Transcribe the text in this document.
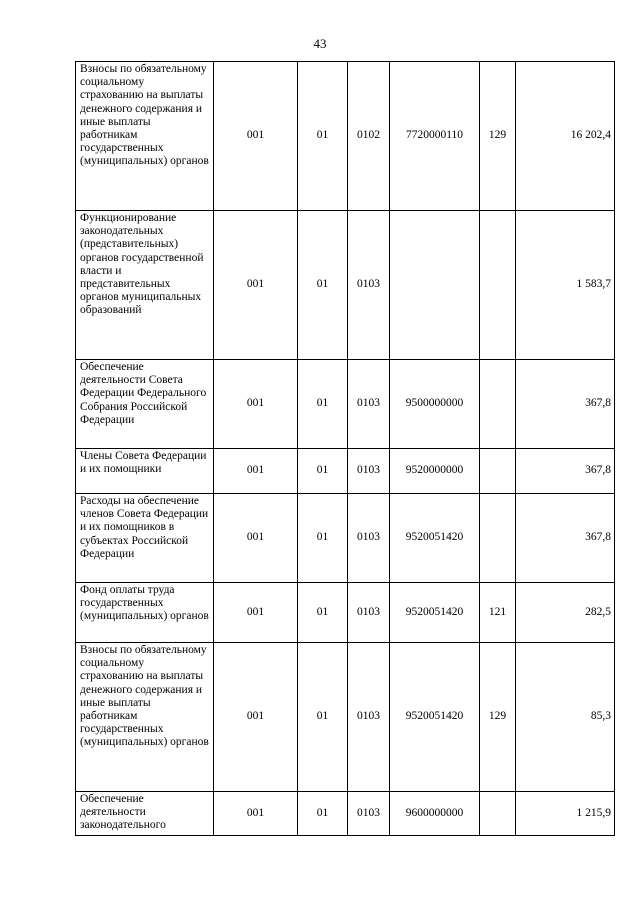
43
Взносы по обязательному социальному страхованию на выплаты денежного содержания и иные выплаты работникам государственных (муниципальных) органов	001	01	0102	7720000110	129	16 202,4
Функционирование законодательных (представительных) органов государственной власти и представительных органов муниципальных образований	001	01	0103			1 583,7
Обеспечение деятельности Совета Федерации Федерального Собрания Российской Федерации	001	01	0103	9500000000		367,8
Члены Совета Федерации и их помощники	001	01	0103	9520000000		367,8
Расходы на обеспечение членов Совета Федерации и их помощников в субъектах Российской Федерации	001	01	0103	9520051420		367,8
Фонд оплаты труда государственных (муниципальных) органов	001	01	0103	9520051420	121	282,5
Взносы по обязательному социальному страхованию на выплаты денежного содержания и иные выплаты работникам государственных (муниципальных) органов	001	01	0103	9520051420	129	85,3
Обеспечение деятельности законодательного	001	01	0103	9600000000		1 215,9
